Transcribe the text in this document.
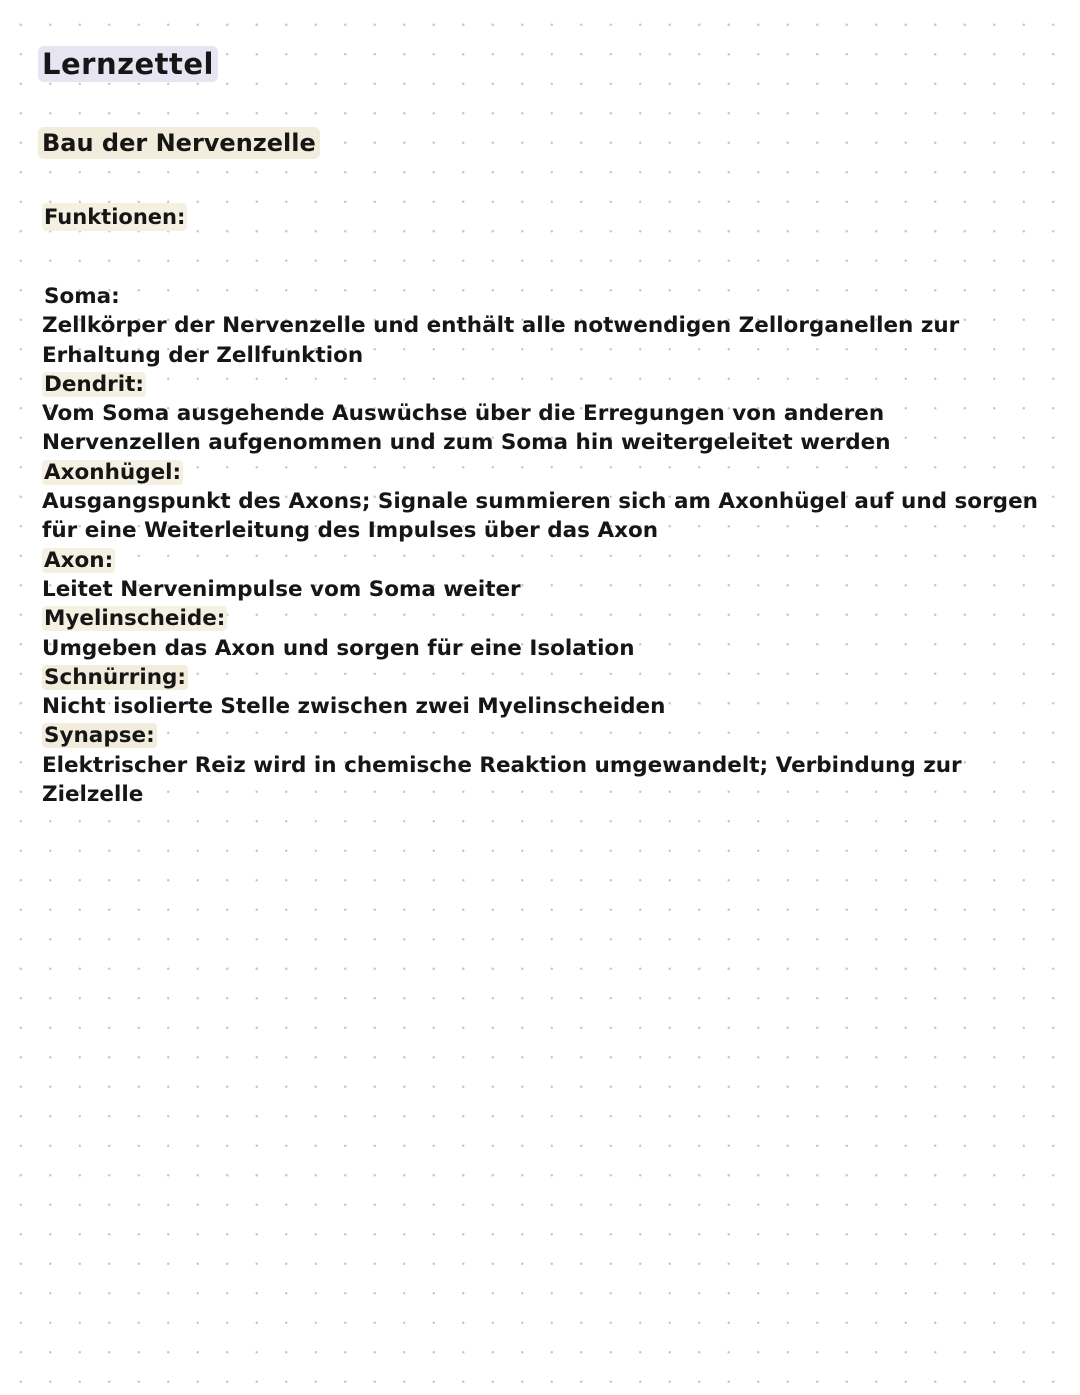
Lernzettel
Bau der Nervenzelle
Funktionen:
Soma:
Zellkörper der Nervenzelle und enthält alle notwendigen Zellorganellen zur
Erhaltung der Zellfunktion
Dendrit:
Vom Soma ausgehende Auswüchse über die Erregungen von anderen
Nervenzellen aufgenommen und zum Soma hin weitergeleitet werden
Axonhügel:
Ausgangspunkt des Axons; Signale summieren sich am Axonhügel auf und sorgen
für eine Weiterleitung des Impulses über das Axon
Axon:
Leitet Nervenimpulse vom Soma weiter
Myelinscheide:
Umgeben das Axon und sorgen für eine Isolation
Schnürring:
Nicht isolierte Stelle zwischen zwei Myelinscheiden
Synapse:
Elektrischer Reiz wird in chemische Reaktion umgewandelt; Verbindung zur
Zielzelle
